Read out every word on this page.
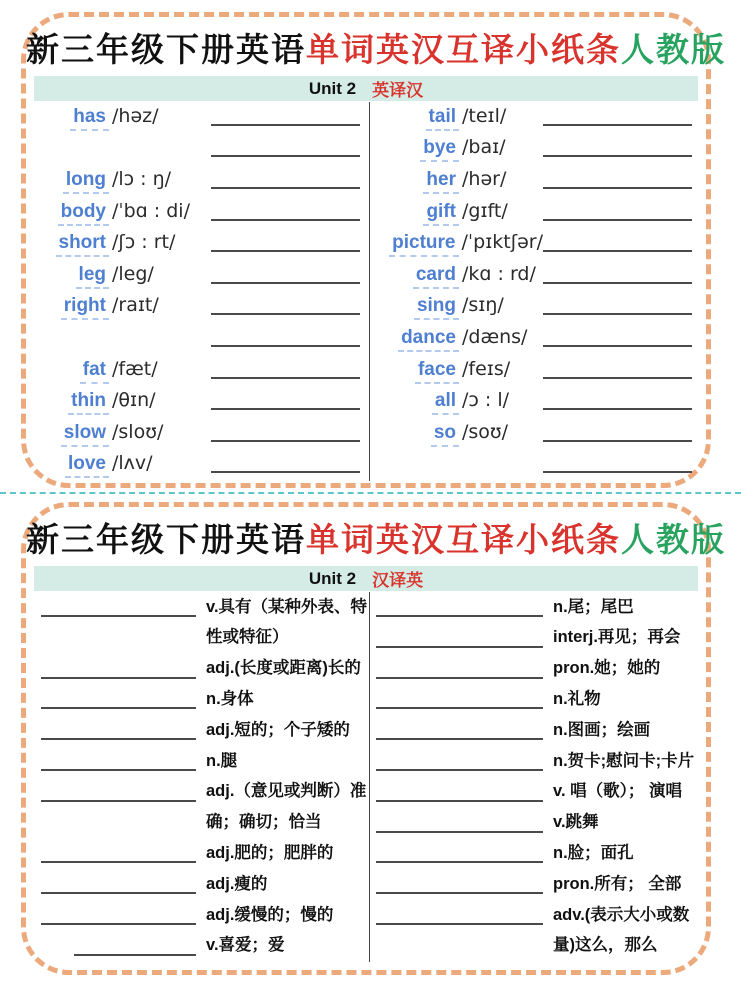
新三年级下册英语单词英汉互译小纸条人教版
Unit 2 英译汉
has /həz/
long /lɔ : ŋ/
body /ˈbɑ : di/
short /ʃɔ : rt/
leg /leg/
right /raɪt/
fat /fæt/
thin /θɪn/
slow /sloʊ/
love /lʌv/
tail /teɪl/
bye /baɪ/
her /hər/
gift /gɪft/
picture /ˈpɪktʃər/
card /kɑ : rd/
sing /sɪŋ/
dance /dæns/
face /feɪs/
all /ɔ : l/
so /soʊ/
新三年级下册英语单词英汉互译小纸条人教版
Unit 2 汉译英
v.具有（某种外表、特
性或特征）
adj.(长度或距离)长的
n.身体
adj.短的；个子矮的
n.腿
adj.（意见或判断）准
确；确切；恰当
adj.肥的；肥胖的
adj.瘦的
adj.缓慢的；慢的
v.喜爱；爱
n.尾；尾巴
interj.再见；再会
pron.她；她的
n.礼物
n.图画；绘画
n.贺卡;慰问卡;卡片
v. 唱（歌）； 演唱
v.跳舞
n.脸；面孔
pron.所有； 全部
adv.(表示大小或数
量)这么，那么
